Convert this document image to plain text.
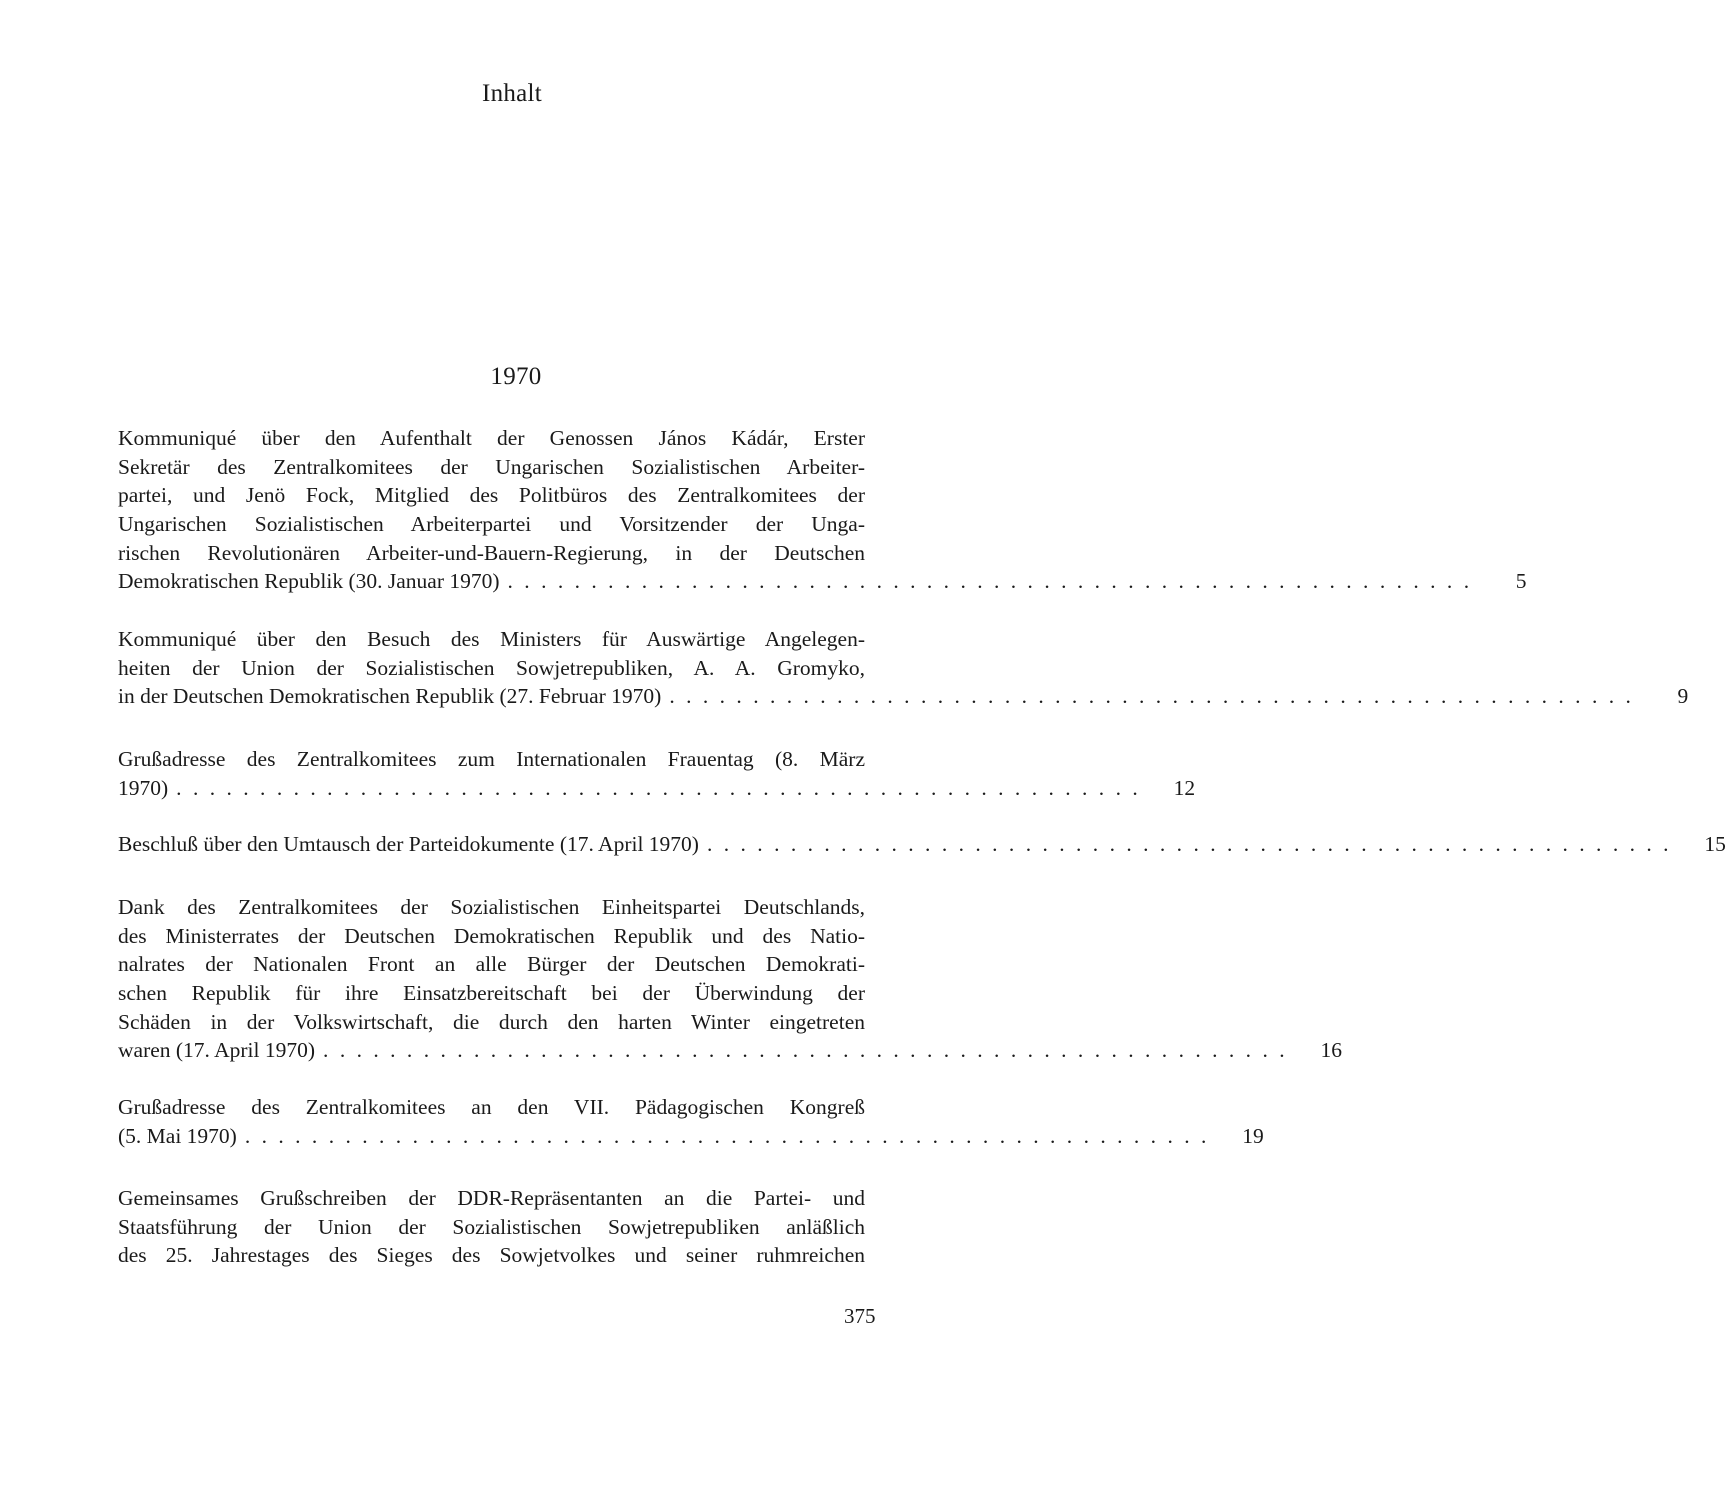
Inhalt
1970
Kommuniqué über den Aufenthalt der Genossen János Kádár, Erster
Sekretär des Zentralkomitees der Ungarischen Sozialistischen Arbeiter-
partei, und Jenö Fock, Mitglied des Politbüros des Zentralkomitees der
Ungarischen Sozialistischen Arbeiterpartei und Vorsitzender der Unga-
rischen Revolutionären Arbeiter-und-Bauern-Regierung, in der Deutschen
Demokratischen Republik (30. Januar 1970) ..........................................................	5
Kommuniqué über den Besuch des Ministers für Auswärtige Angelegen-
heiten der Union der Sozialistischen Sowjetrepubliken, A. A. Gromyko,
in der Deutschen Demokratischen Republik (27. Februar 1970) ..........................................................	9
Grußadresse des Zentralkomitees zum Internationalen Frauentag (8. März
1970) .......................................................... 12
Beschluß über den Umtausch der Parteidokumente (17. April 1970) .......................................................... 15
Dank des Zentralkomitees der Sozialistischen Einheitspartei Deutschlands,
des Ministerrates der Deutschen Demokratischen Republik und des Natio-
nalrates der Nationalen Front an alle Bürger der Deutschen Demokrati-
schen Republik für ihre Einsatzbereitschaft bei der Überwindung der
Schäden in der Volkswirtschaft, die durch den harten Winter eingetreten
waren (17. April 1970) .......................................................... 16
Grußadresse des Zentralkomitees an den VII. Pädagogischen Kongreß
(5. Mai 1970) .......................................................... 19
Gemeinsames Grußschreiben der DDR-Repräsentanten an die Partei- und
Staatsführung der Union der Sozialistischen Sowjetrepubliken anläßlich
des 25. Jahrestages des Sieges des Sowjetvolkes und seiner ruhmreichen
375
